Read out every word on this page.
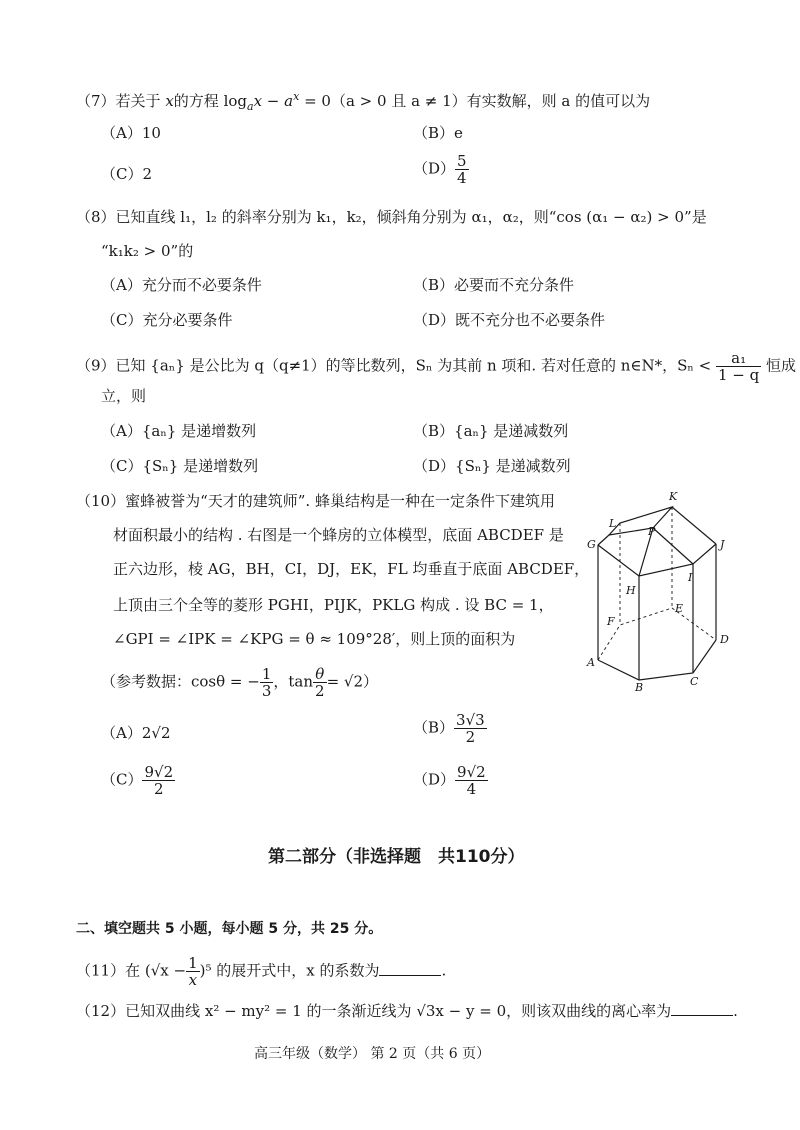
（7）若关于 x的方程 $\log_ax - a^x = 0(a > 0$ 且 a ≠ 1）有实数解，则 a 的值可以为
（A）10	（B）e
（C）2	$(D) \frac{5}{4}$
（8）已知直线 l₁，l₂ 的斜率分别为 k₁，k₂，倾斜角分别为 α₁，α₂，则“cos (α₁ − α₂) > 0”是
“k₁k₂ > 0”的
（A）充分而不必要条件	（B）必要而不充分条件
（C）充分必要条件	（D）既不充分也不必要条件
（9）已知 {aₙ} 是公比为 q（q≠1）的等比数列，Sₙ 为其前 n 项和. 若对任意的 n∈N*，$S_n < \frac{\text{a₁}}{1 - q}$ 恒成
立，则
（A）{aₙ} 是递增数列	（B）{aₙ} 是递减数列
（C）{Sₙ} 是递增数列	（D）{Sₙ} 是递减数列
（10）蜜蜂被誉为“天才的建筑师”. 蜂巢结构是一种在一定条件下建筑用
材面积最小的结构 . 右图是一个蜂房的立体模型，底面 ABCDEF 是
正六边形，棱 AG，BH，CI，DJ，EK，FL 均垂直于底面 ABCDEF，
上顶由三个全等的菱形 PGHI，PIJK，PKLG 构成 . 设 BC = 1，
∠GPI = ∠IPK = ∠KPG = θ ≈ 109°28′，则上顶的面积为
（参考数据：cosθ = − $\frac{1}{3}$ ，$\tan \frac{\theta}{2} = √2$）
（A）2√2	$(B) \frac{3√3}{2}$
$(C) \frac{9√2}{2}$	$(D) \frac{9√2}{4}$
K
L
P
G	J
I
H
E
F
D
A
C
B
第二部分（非选择题　共110分）
二、填空题共 5 小题，每小题 5 分，共 25 分。
（11）在 $(√x - \frac{1}{x} )^5$ 的展开式中，x 的系数为	.
（12）已知双曲线 x² − my² = 1 的一条渐近线为 √3x − y = 0，则该双曲线的离心率为	.
高三年级（数学） 第 2 页（共 6 页）
